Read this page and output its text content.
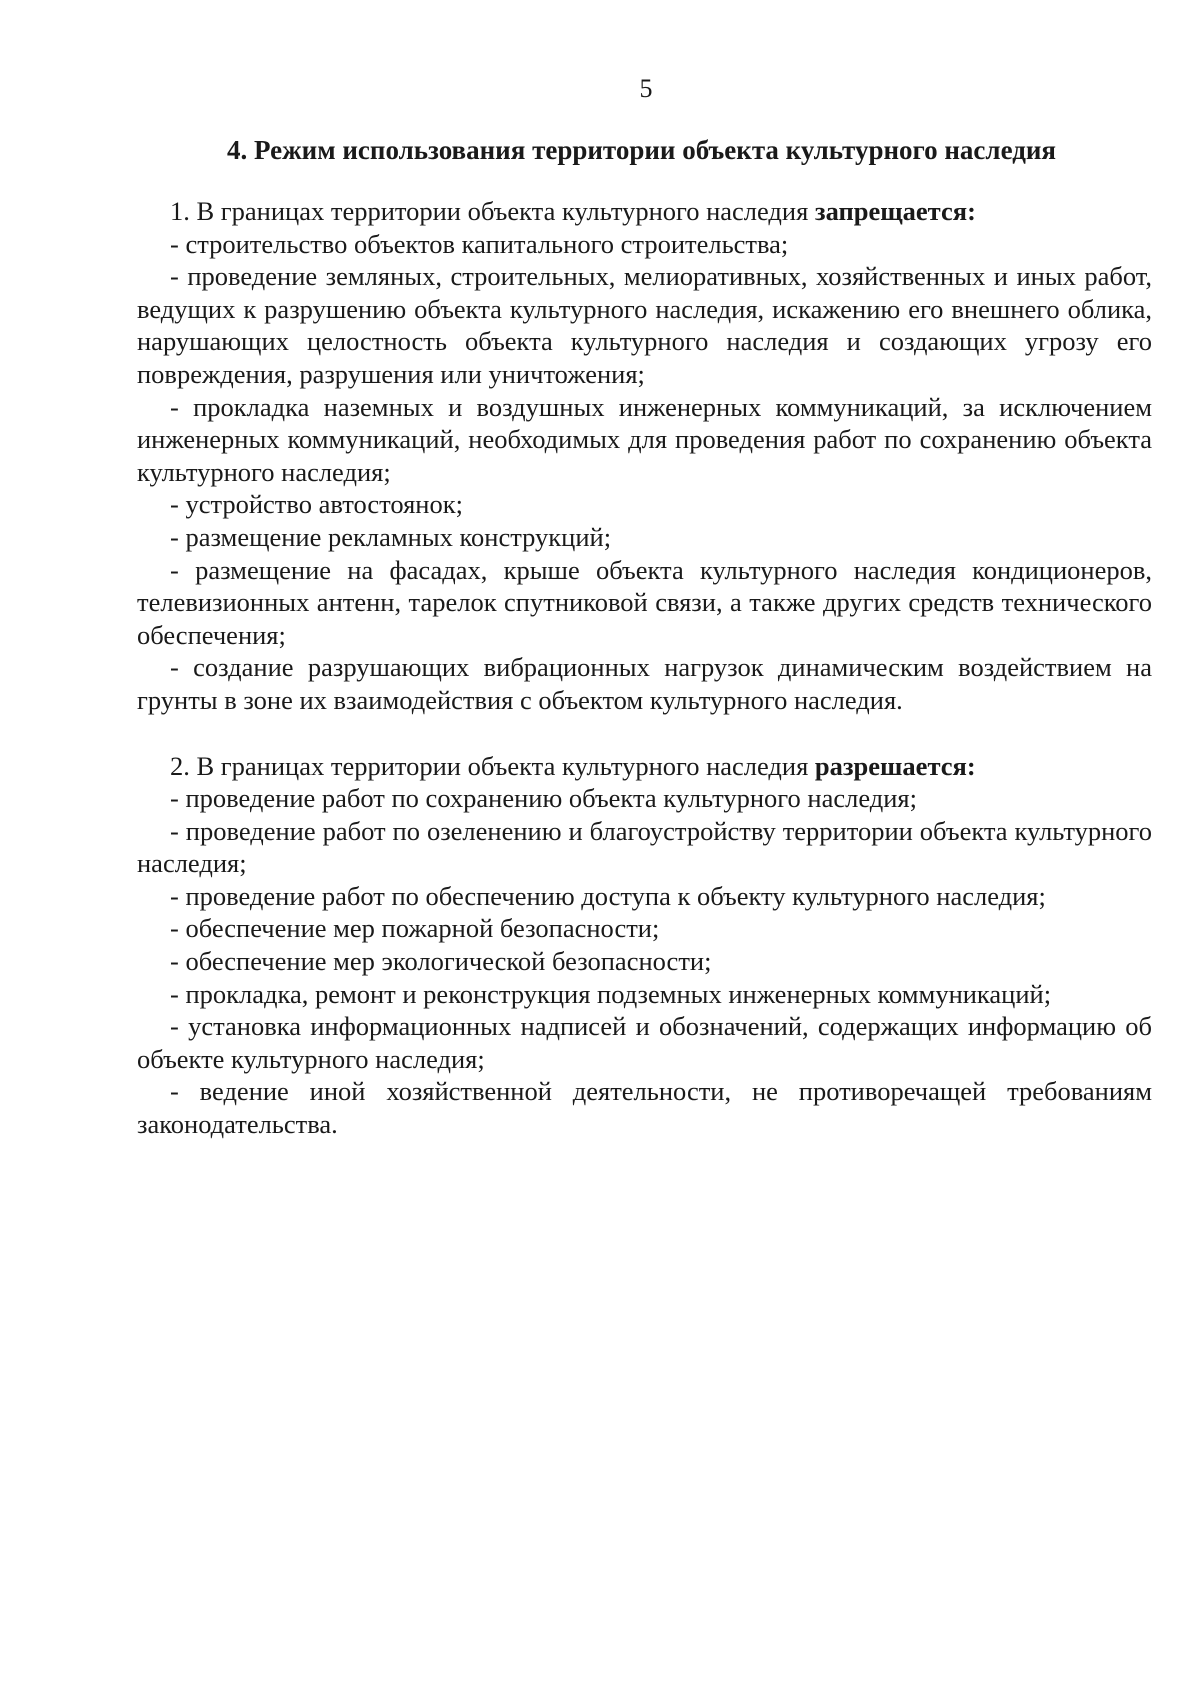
5
4. Режим использования территории объекта культурного наследия

1. В границах территории объекта культурного наследия запрещается:

- строительство объектов капитального строительства;

- проведение земляных, строительных, мелиоративных, хозяйственных и иных работ, ведущих к разрушению объекта культурного наследия, искажению его внешнего облика, нарушающих целостность объекта культурного наследия и создающих угрозу его повреждения, разрушения или уничтожения;

- прокладка наземных и воздушных инженерных коммуникаций, за исключением инженерных коммуникаций, необходимых для проведения работ по сохранению объекта культурного наследия;

- устройство автостоянок;

- размещение рекламных конструкций;

- размещение на фасадах, крыше объекта культурного наследия кондиционеров, телевизионных антенн, тарелок спутниковой связи, а также других средств технического обеспечения;

- создание разрушающих вибрационных нагрузок динамическим воздействием на грунты в зоне их взаимодействия с объектом культурного наследия.

2. В границах территории объекта культурного наследия разрешается:

- проведение работ по сохранению объекта культурного наследия;

- проведение работ по озеленению и благоустройству территории объекта культурного наследия;

- проведение работ по обеспечению доступа к объекту культурного наследия;

- обеспечение мер пожарной безопасности;

- обеспечение мер экологической безопасности;

- прокладка, ремонт и реконструкция подземных инженерных коммуникаций;

- установка информационных надписей и обозначений, содержащих информацию об объекте культурного наследия;

- ведение иной хозяйственной деятельности, не противоречащей требованиям законодательства.
